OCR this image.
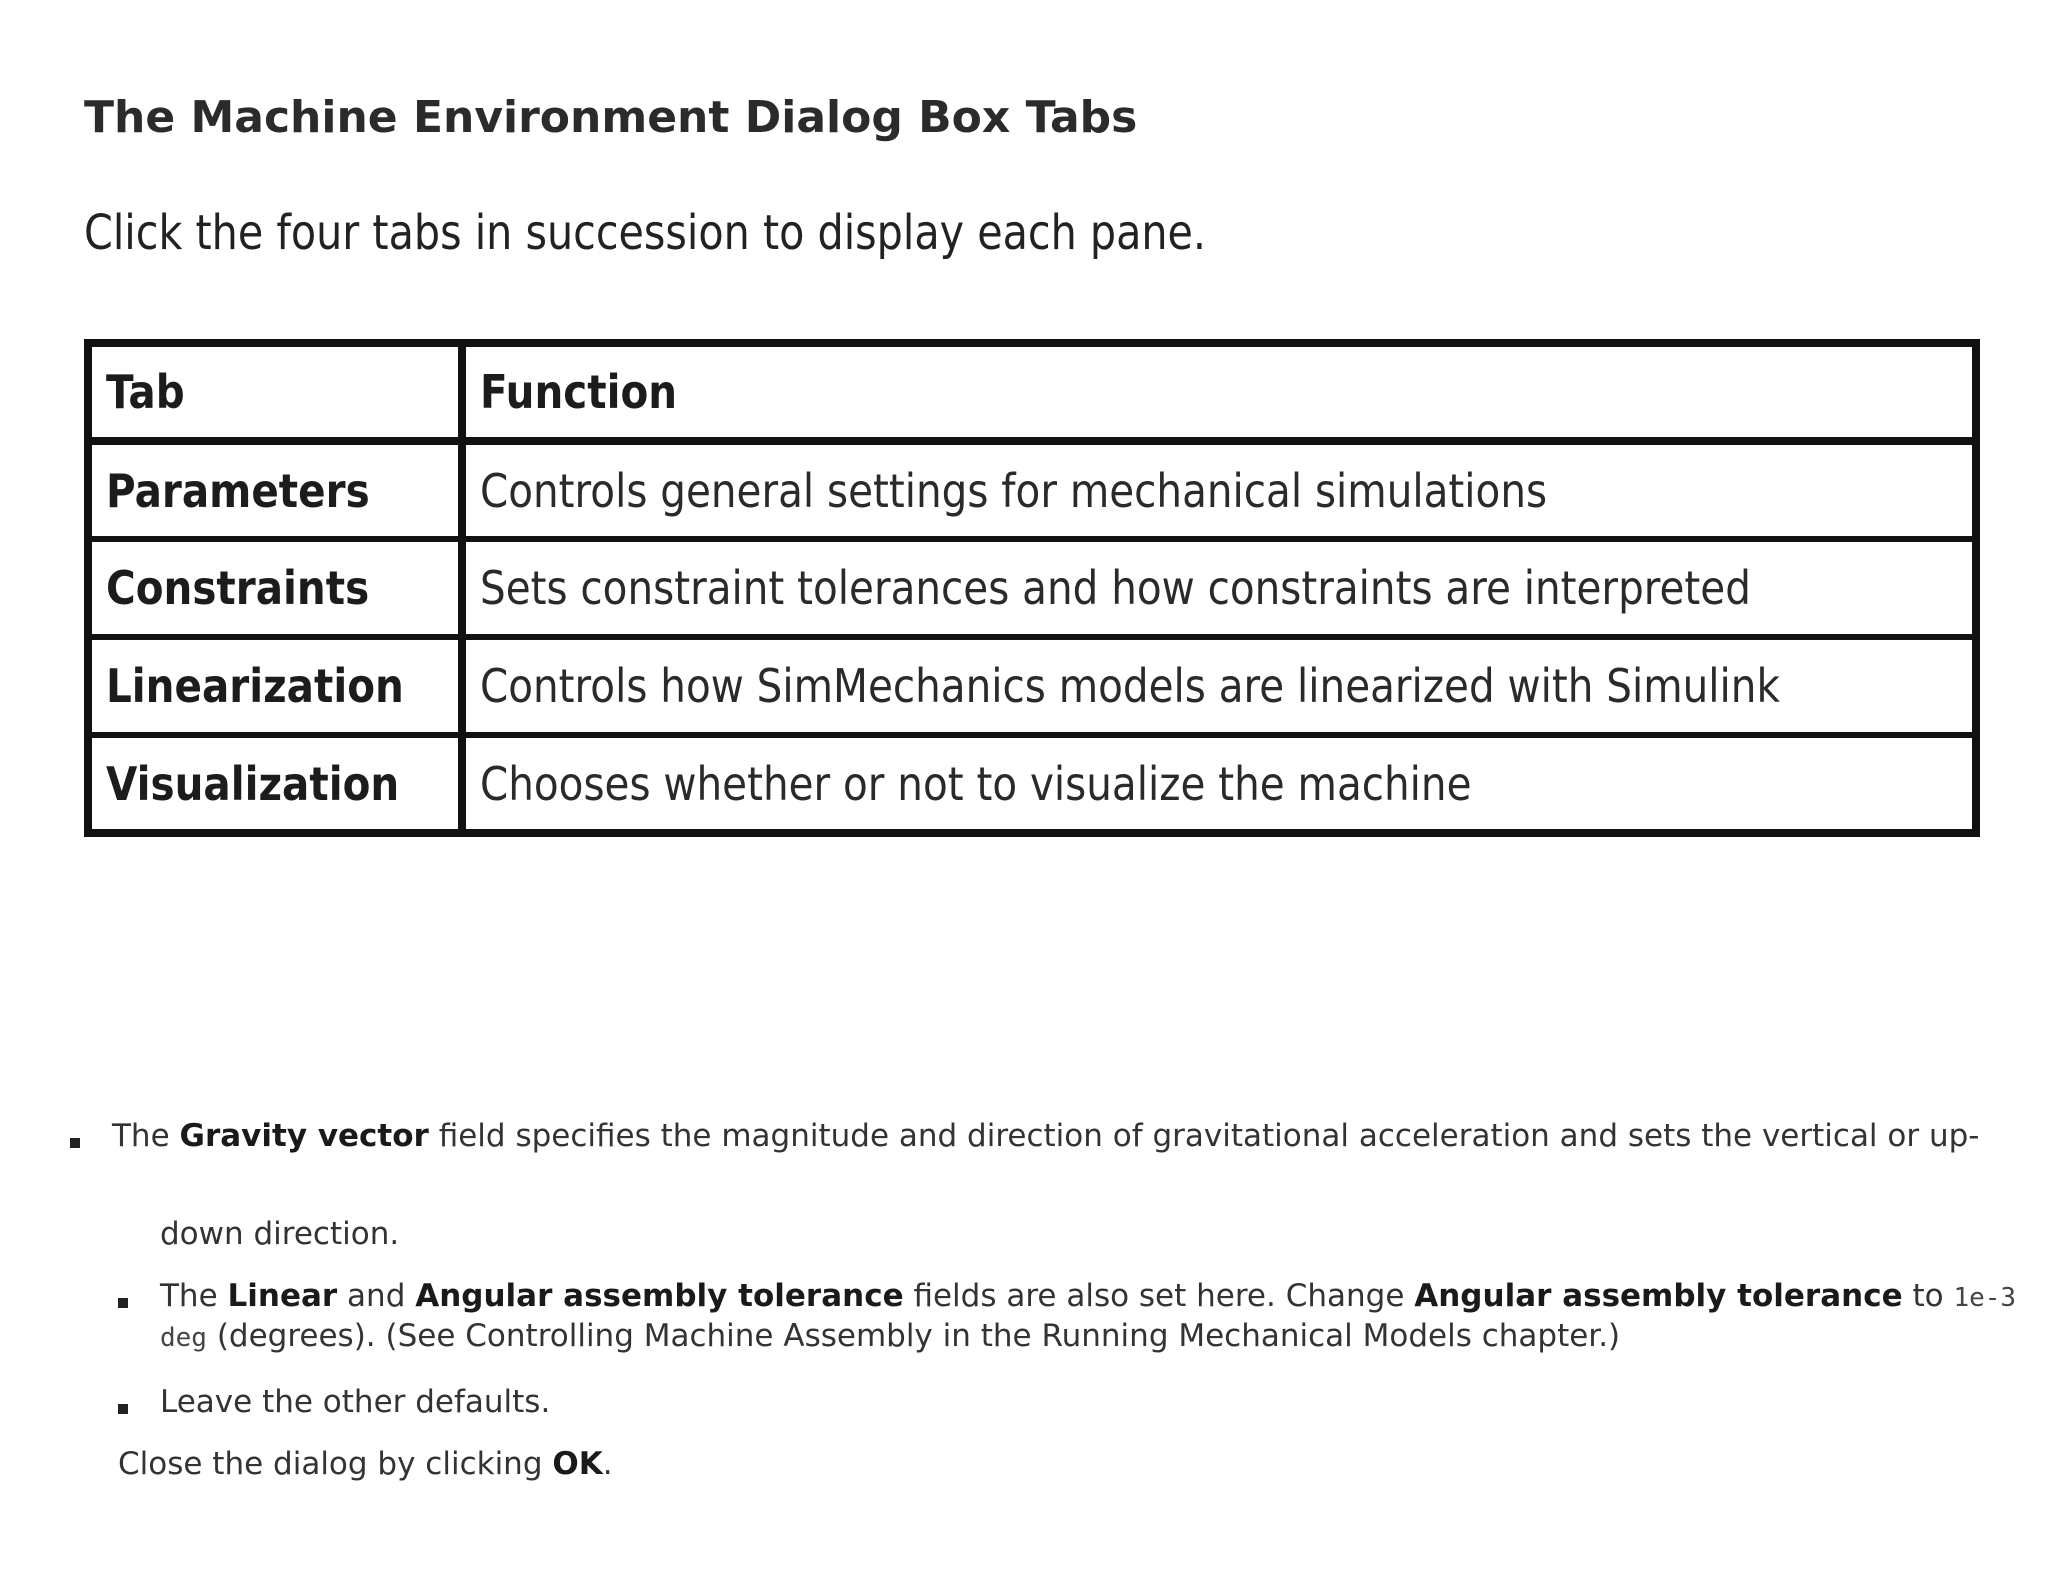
The Machine Environment Dialog Box Tabs
Click the four tabs in succession to display each pane.
Tab	Function
Parameters	Controls general settings for mechanical simulations
Constraints	Sets constraint tolerances and how constraints are interpreted
Linearization	Controls how SimMechanics models are linearized with Simulink
Visualization	Chooses whether or not to visualize the machine
The Gravity vector field specifies the magnitude and direction of gravitational acceleration and sets the vertical or up-
down direction.
The Linear and Angular assembly tolerance fields are also set here. Change Angular assembly tolerance to 1e-3
deg (degrees). (See Controlling Machine Assembly in the Running Mechanical Models chapter.)
Leave the other defaults.
Close the dialog by clicking OK.
